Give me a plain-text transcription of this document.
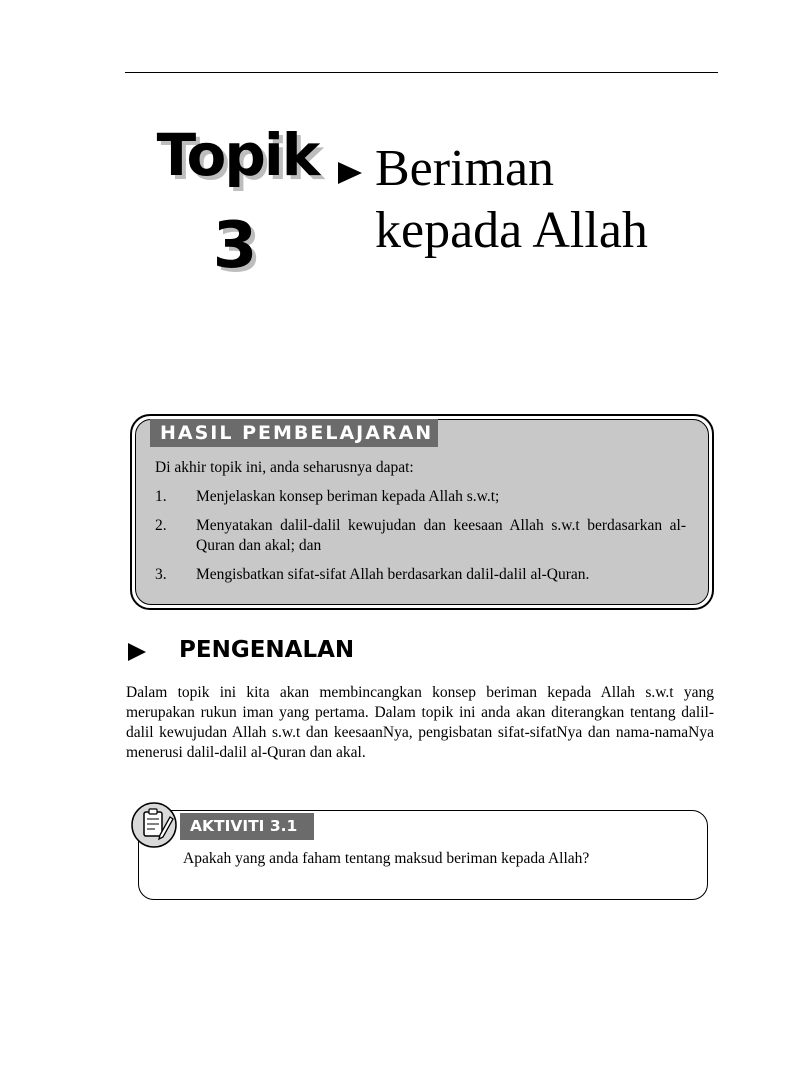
Topik
3
Beriman
kepada Allah
HASIL PEMBELAJARAN
Di akhir topik ini, anda seharusnya dapat:
1. Menjelaskan konsep beriman kepada Allah s.w.t;
2. Menyatakan dalil-dalil kewujudan dan keesaan Allah s.w.t berdasarkan al-Quran dan akal; dan
3. Mengisbatkan sifat-sifat Allah berdasarkan dalil-dalil al-Quran.
PENGENALAN
Dalam topik ini kita akan membincangkan konsep beriman kepada Allah s.w.t yang merupakan rukun iman yang pertama. Dalam topik ini anda akan diterangkan tentang dalil-dalil kewujudan Allah s.w.t dan keesaanNya, pengisbatan sifat-sifatNya dan nama-namaNya menerusi dalil-dalil al-Quran dan akal.
AKTIVITI 3.1
Apakah yang anda faham tentang maksud beriman kepada Allah?
